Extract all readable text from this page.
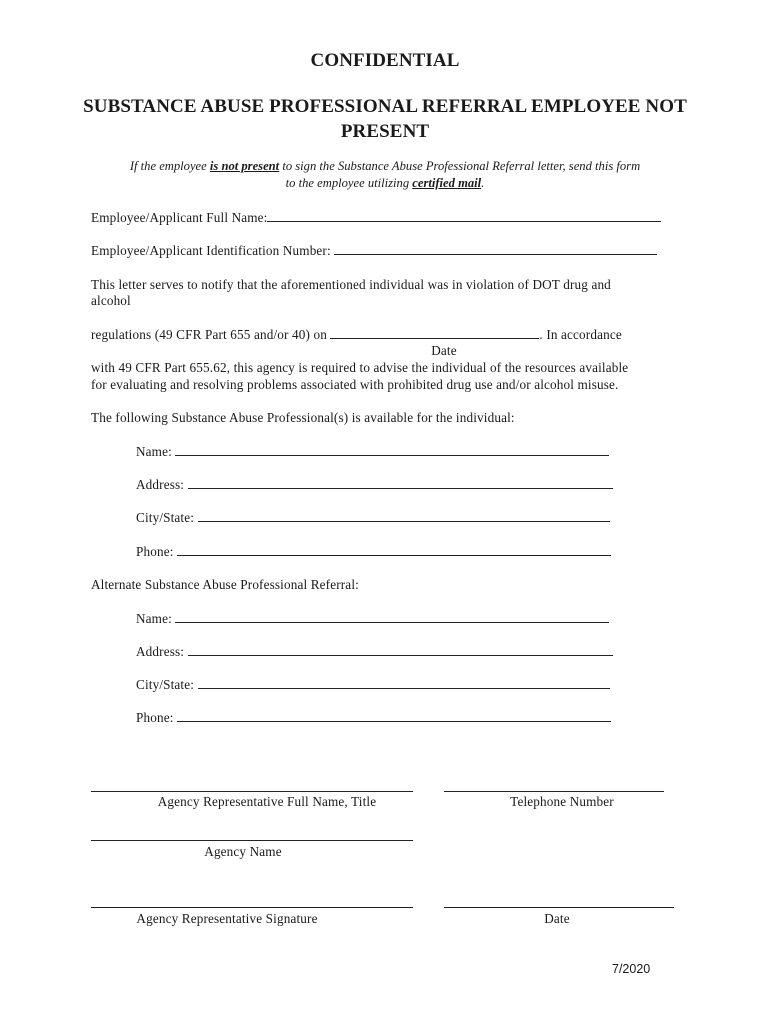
CONFIDENTIAL
SUBSTANCE ABUSE PROFESSIONAL REFERRAL EMPLOYEE NOT
PRESENT
If the employee is not present to sign the Substance Abuse Professional Referral letter, send this form
to the employee utilizing certified mail.
Employee/Applicant Full Name:
Employee/Applicant Identification Number:
This letter serves to notify that the aforementioned individual was in violation of DOT drug and
alcohol
regulations (49 CFR Part 655 and/or 40) on	. In accordance
Date
with 49 CFR Part 655.62, this agency is required to advise the individual of the resources available
for evaluating and resolving problems associated with prohibited drug use and/or alcohol misuse.
The following Substance Abuse Professional(s) is available for the individual:
Name:
Address:
City/State:
Phone:
Alternate Substance Abuse Professional Referral:
Name:
Address:
City/State:
Phone:
Agency Representative Full Name, Title	Telephone Number
Agency Name
Agency Representative Signature	Date
7/2020
